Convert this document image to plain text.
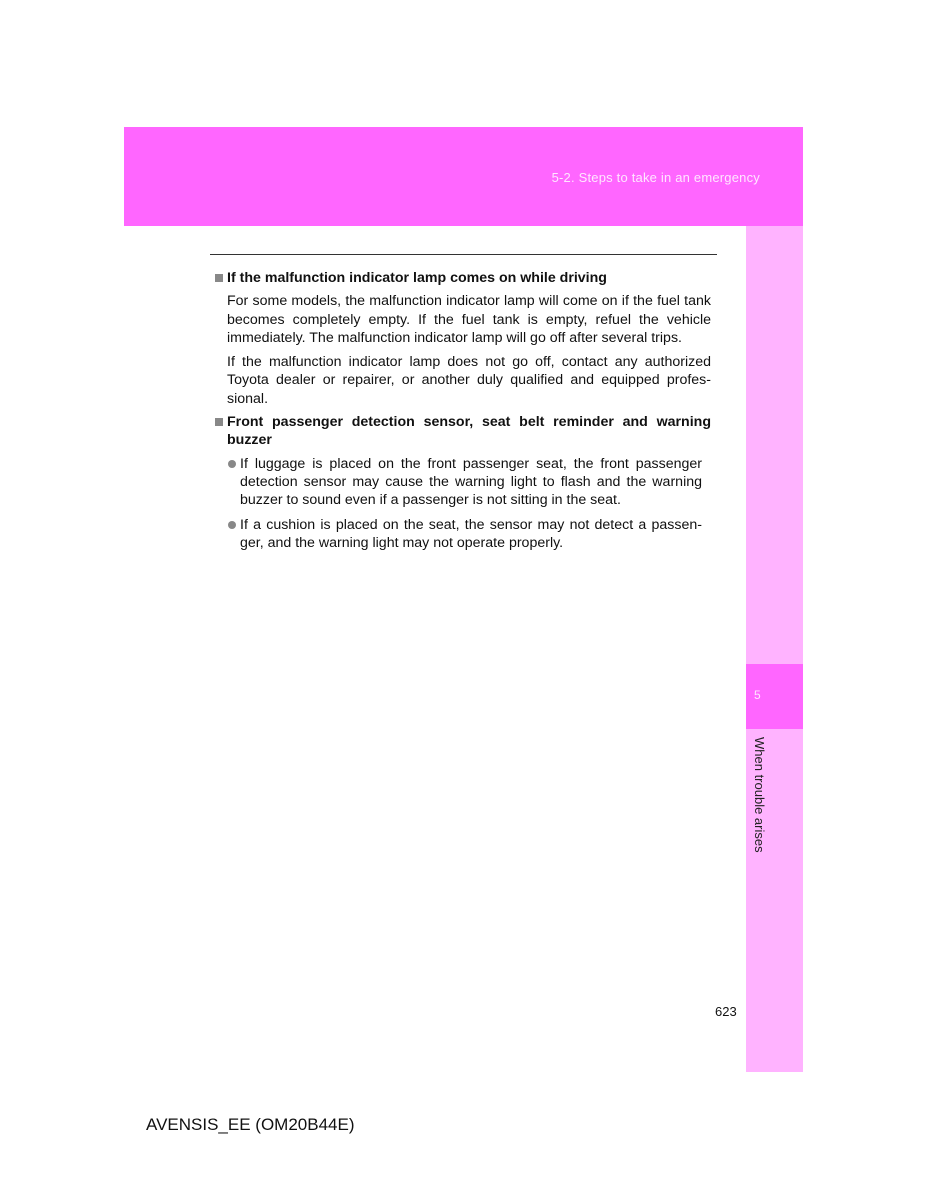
5-2. Steps to take in an emergency
5
When trouble arises

If the malfunction indicator lamp comes on while driving

For some models, the malfunction indicator lamp will come on if the fuel tank becomes completely empty. If the fuel tank is empty, refuel the vehicle immediately. The malfunction indicator lamp will go off after several trips.

If the malfunction indicator lamp does not go off, contact any authorized Toyota dealer or repairer, or another duly qualified and equipped profes-sional.

Front passenger detection sensor, seat belt reminder and warning buzzer

If luggage is placed on the front passenger seat, the front passenger detection sensor may cause the warning light to flash and the warning buzzer to sound even if a passenger is not sitting in the seat.
If a cushion is placed on the seat, the sensor may not detect a passen-ger, and the warning light may not operate properly.
623
AVENSIS_EE (OM20B44E)
